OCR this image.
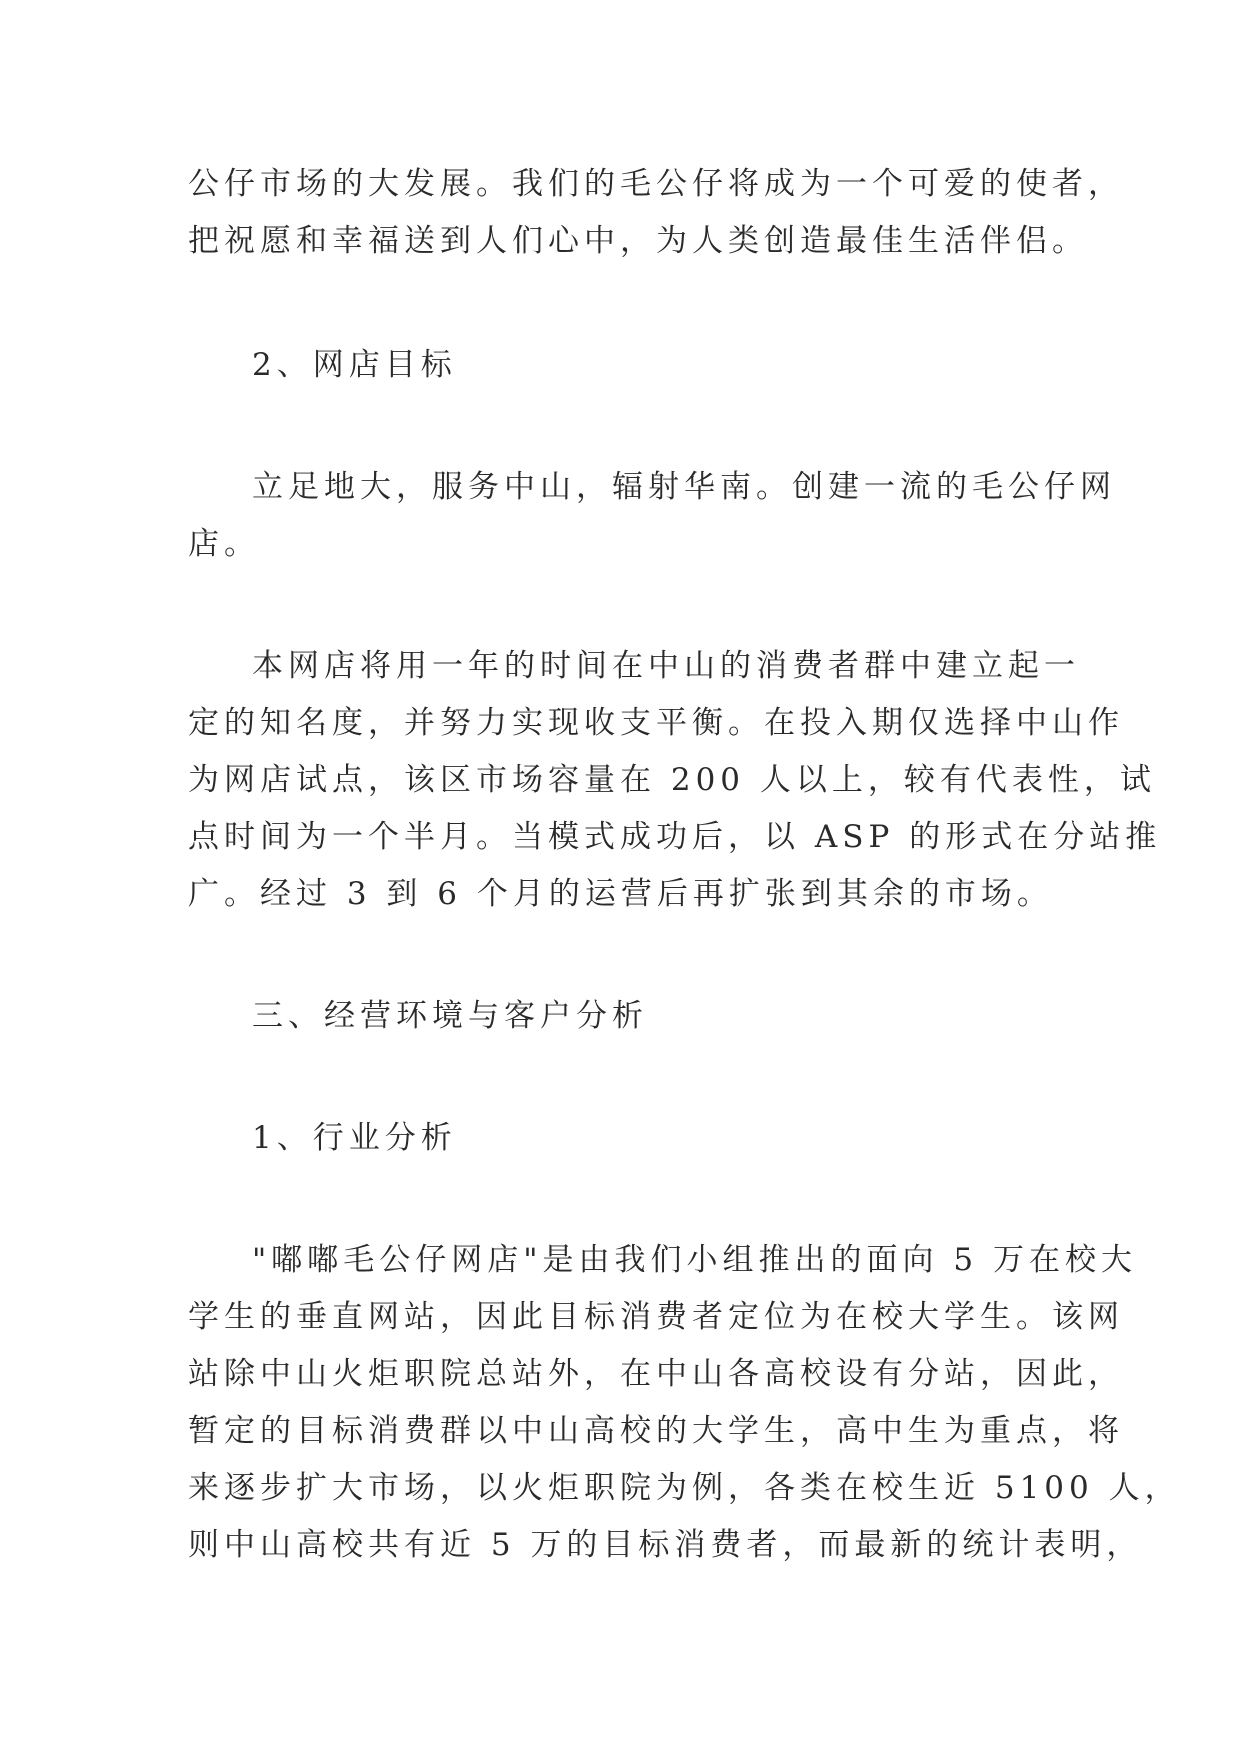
公仔市场的大发展。我们的毛公仔将成为一个可爱的使者，
把祝愿和幸福送到人们心中，为人类创造最佳生活伴侣。
2、网店目标
立足地大，服务中山，辐射华南。创建一流的毛公仔网
店。
本网店将用一年的时间在中山的消费者群中建立起一
定的知名度，并努力实现收支平衡。在投入期仅选择中山作
为网店试点，该区市场容量在 200 人以上，较有代表性，试
点时间为一个半月。当模式成功后，以 ASP 的形式在分站推
广。经过 3 到 6 个月的运营后再扩张到其余的市场。
三、经营环境与客户分析
1、行业分析
"嘟嘟毛公仔网店"是由我们小组推出的面向 5 万在校大
学生的垂直网站，因此目标消费者定位为在校大学生。该网
站除中山火炬职院总站外，在中山各高校设有分站，因此，
暂定的目标消费群以中山高校的大学生，高中生为重点，将
来逐步扩大市场，以火炬职院为例，各类在校生近 5100 人，
则中山高校共有近 5 万的目标消费者，而最新的统计表明，
